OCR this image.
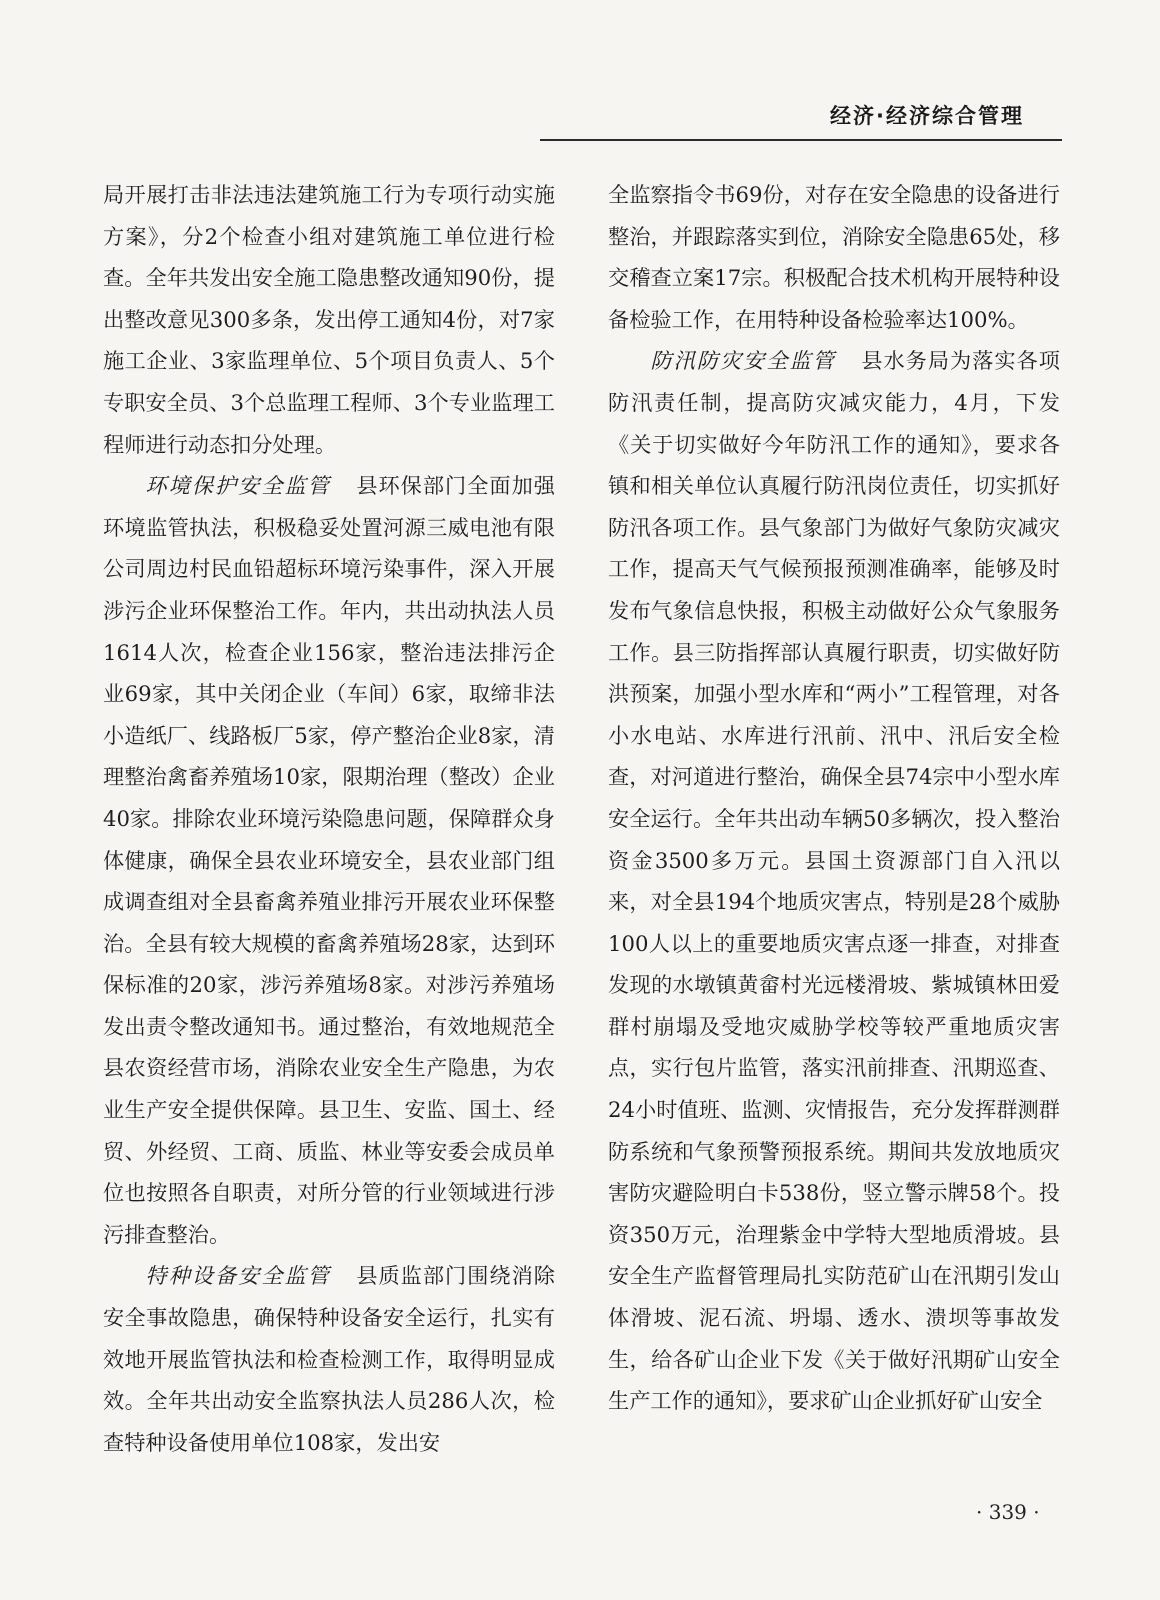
经济·经济综合管理

局开展打击非法违法建筑施工行为专项行动实施方案》，分2个检查小组对建筑施工单位进行检查。全年共发出安全施工隐患整改通知90份，提出整改意见300多条，发出停工通知4份，对7家施工企业、3家监理单位、5个项目负责人、5个专职安全员、3个总监理工程师、3个专业监理工程师进行动态扣分处理。

环境保护安全监管 县环保部门全面加强环境监管执法，积极稳妥处置河源三威电池有限公司周边村民血铅超标环境污染事件，深入开展涉污企业环保整治工作。年内，共出动执法人员1614人次，检查企业156家，整治违法排污企业69家，其中关闭企业（车间）6家，取缔非法小造纸厂、线路板厂5家，停产整治企业8家，清理整治禽畜养殖场10家，限期治理（整改）企业40家。排除农业环境污染隐患问题，保障群众身体健康，确保全县农业环境安全，县农业部门组成调查组对全县畜禽养殖业排污开展农业环保整治。全县有较大规模的畜禽养殖场28家，达到环保标准的20家，涉污养殖场8家。对涉污养殖场发出责令整改通知书。通过整治，有效地规范全县农资经营市场，消除农业安全生产隐患，为农业生产安全提供保障。县卫生、安监、国土、经贸、外经贸、工商、质监、林业等安委会成员单位也按照各自职责，对所分管的行业领域进行涉污排查整治。

特种设备安全监管 县质监部门围绕消除安全事故隐患，确保特种设备安全运行，扎实有效地开展监管执法和检查检测工作，取得明显成效。全年共出动安全监察执法人员286人次，检查特种设备使用单位108家，发出安

全监察指令书69份，对存在安全隐患的设备进行整治，并跟踪落实到位，消除安全隐患65处，移交稽查立案17宗。积极配合技术机构开展特种设备检验工作，在用特种设备检验率达100%。

防汛防灾安全监管 县水务局为落实各项防汛责任制，提高防灾减灾能力，4月，下发《关于切实做好今年防汛工作的通知》，要求各镇和相关单位认真履行防汛岗位责任，切实抓好防汛各项工作。县气象部门为做好气象防灾减灾工作，提高天气气候预报预测准确率，能够及时发布气象信息快报，积极主动做好公众气象服务工作。县三防指挥部认真履行职责，切实做好防洪预案，加强小型水库和“两小”工程管理，对各小水电站、水库进行汛前、汛中、汛后安全检查，对河道进行整治，确保全县74宗中小型水库安全运行。全年共出动车辆50多辆次，投入整治资金3500多万元。县国土资源部门自入汛以来，对全县194个地质灾害点，特别是28个威胁100人以上的重要地质灾害点逐一排查，对排查发现的水墩镇黄畲村光远楼滑坡、紫城镇林田爱群村崩塌及受地灾威胁学校等较严重地质灾害点，实行包片监管，落实汛前排查、汛期巡查、24小时值班、监测、灾情报告，充分发挥群测群防系统和气象预警预报系统。期间共发放地质灾害防灾避险明白卡538份，竖立警示牌58个。投资350万元，治理紫金中学特大型地质滑坡。县安全生产监督管理局扎实防范矿山在汛期引发山体滑坡、泥石流、坍塌、透水、溃坝等事故发生，给各矿山企业下发《关于做好汛期矿山安全生产工作的通知》，要求矿山企业抓好矿山安全

· 339 ·
